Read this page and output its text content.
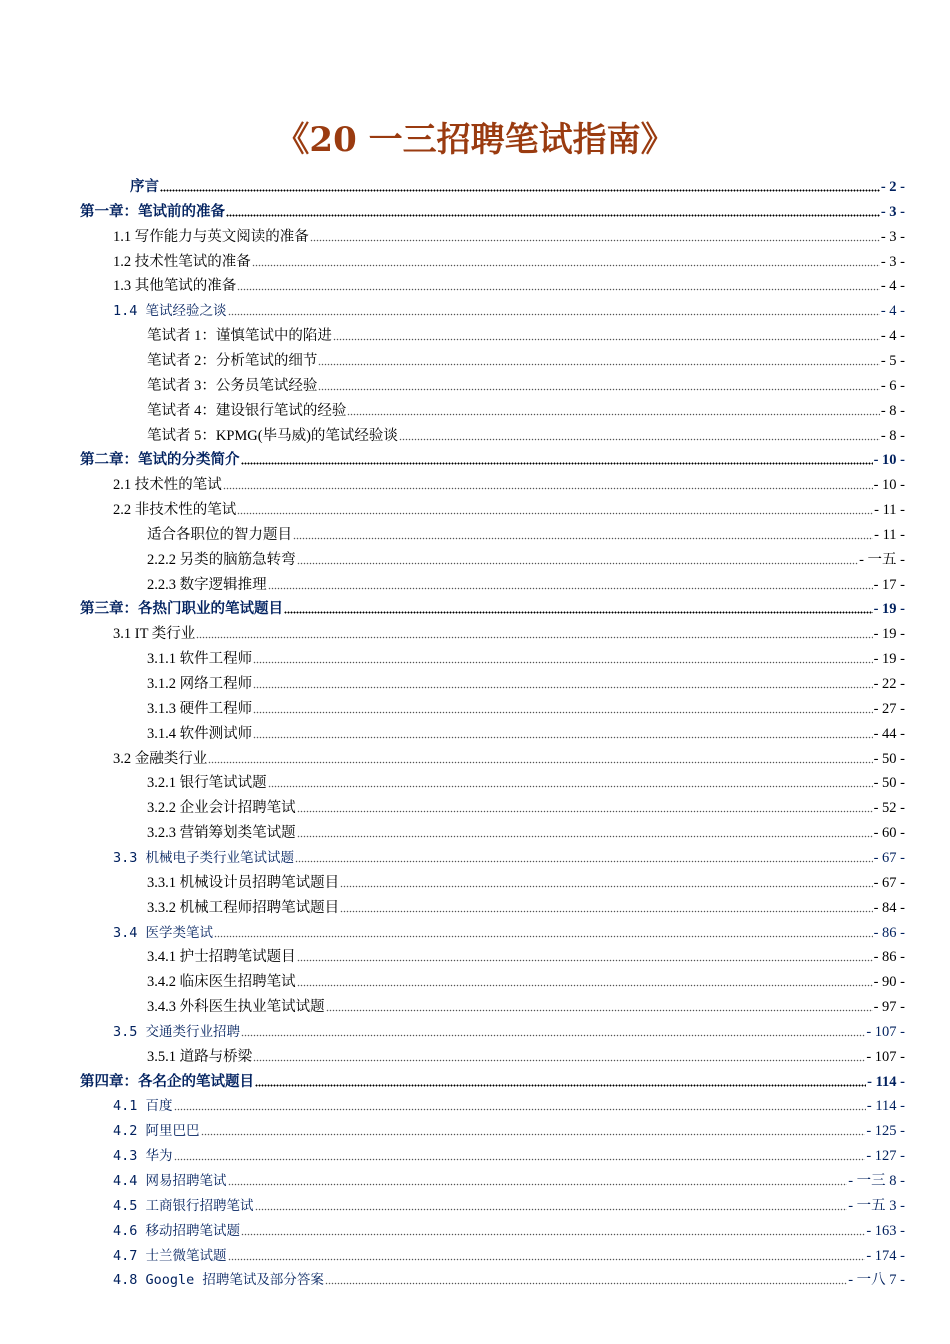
《20 一三招聘笔试指南》
序言	- 2 -
第一章：笔试前的准备	- 3 -
1.1 写作能力与英文阅读的准备	- 3 -
1.2 技术性笔试的准备	- 3 -
1.3 其他笔试的准备	- 4 -
1.4 笔试经验之谈	- 4 -
笔试者 1：谨慎笔试中的陷进	- 4 -
笔试者 2：分析笔试的细节	- 5 -
笔试者 3：公务员笔试经验	- 6 -
笔试者 4：建设银行笔试的经验	- 8 -
笔试者 5：KPMG(毕马威)的笔试经验谈	- 8 -
第二章：笔试的分类简介	- 10 -
2.1 技术性的笔试	- 10 -
2.2 非技术性的笔试	- 11 -
适合各职位的智力题目	- 11 -
2.2.2 另类的脑筋急转弯	- 一五 -
2.2.3 数字逻辑推理	- 17 -
第三章：各热门职业的笔试题目	- 19 -
3.1 IT 类行业	- 19 -
3.1.1 软件工程师	- 19 -
3.1.2 网络工程师	- 22 -
3.1.3 硬件工程师	- 27 -
3.1.4 软件测试师	- 44 -
3.2 金融类行业	- 50 -
3.2.1 银行笔试试题	- 50 -
3.2.2 企业会计招聘笔试	- 52 -
3.2.3 营销筹划类笔试题	- 60 -
3.3 机械电子类行业笔试试题	- 67 -
3.3.1 机械设计员招聘笔试题目	- 67 -
3.3.2 机械工程师招聘笔试题目	- 84 -
3.4 医学类笔试	- 86 -
3.4.1 护士招聘笔试题目	- 86 -
3.4.2 临床医生招聘笔试	- 90 -
3.4.3 外科医生执业笔试试题	- 97 -
3.5 交通类行业招聘	- 107 -
3.5.1 道路与桥梁	- 107 -
第四章：各名企的笔试题目	- 114 -
4.1 百度	- 114 -
4.2 阿里巴巴	- 125 -
4.3 华为	- 127 -
4.4 网易招聘笔试	- 一三 8 -
4.5 工商银行招聘笔试	- 一五 3 -
4.6 移动招聘笔试题	- 163 -
4.7 士兰微笔试题	- 174 -
4.8 Google 招聘笔试及部分答案	- 一八 7 -
